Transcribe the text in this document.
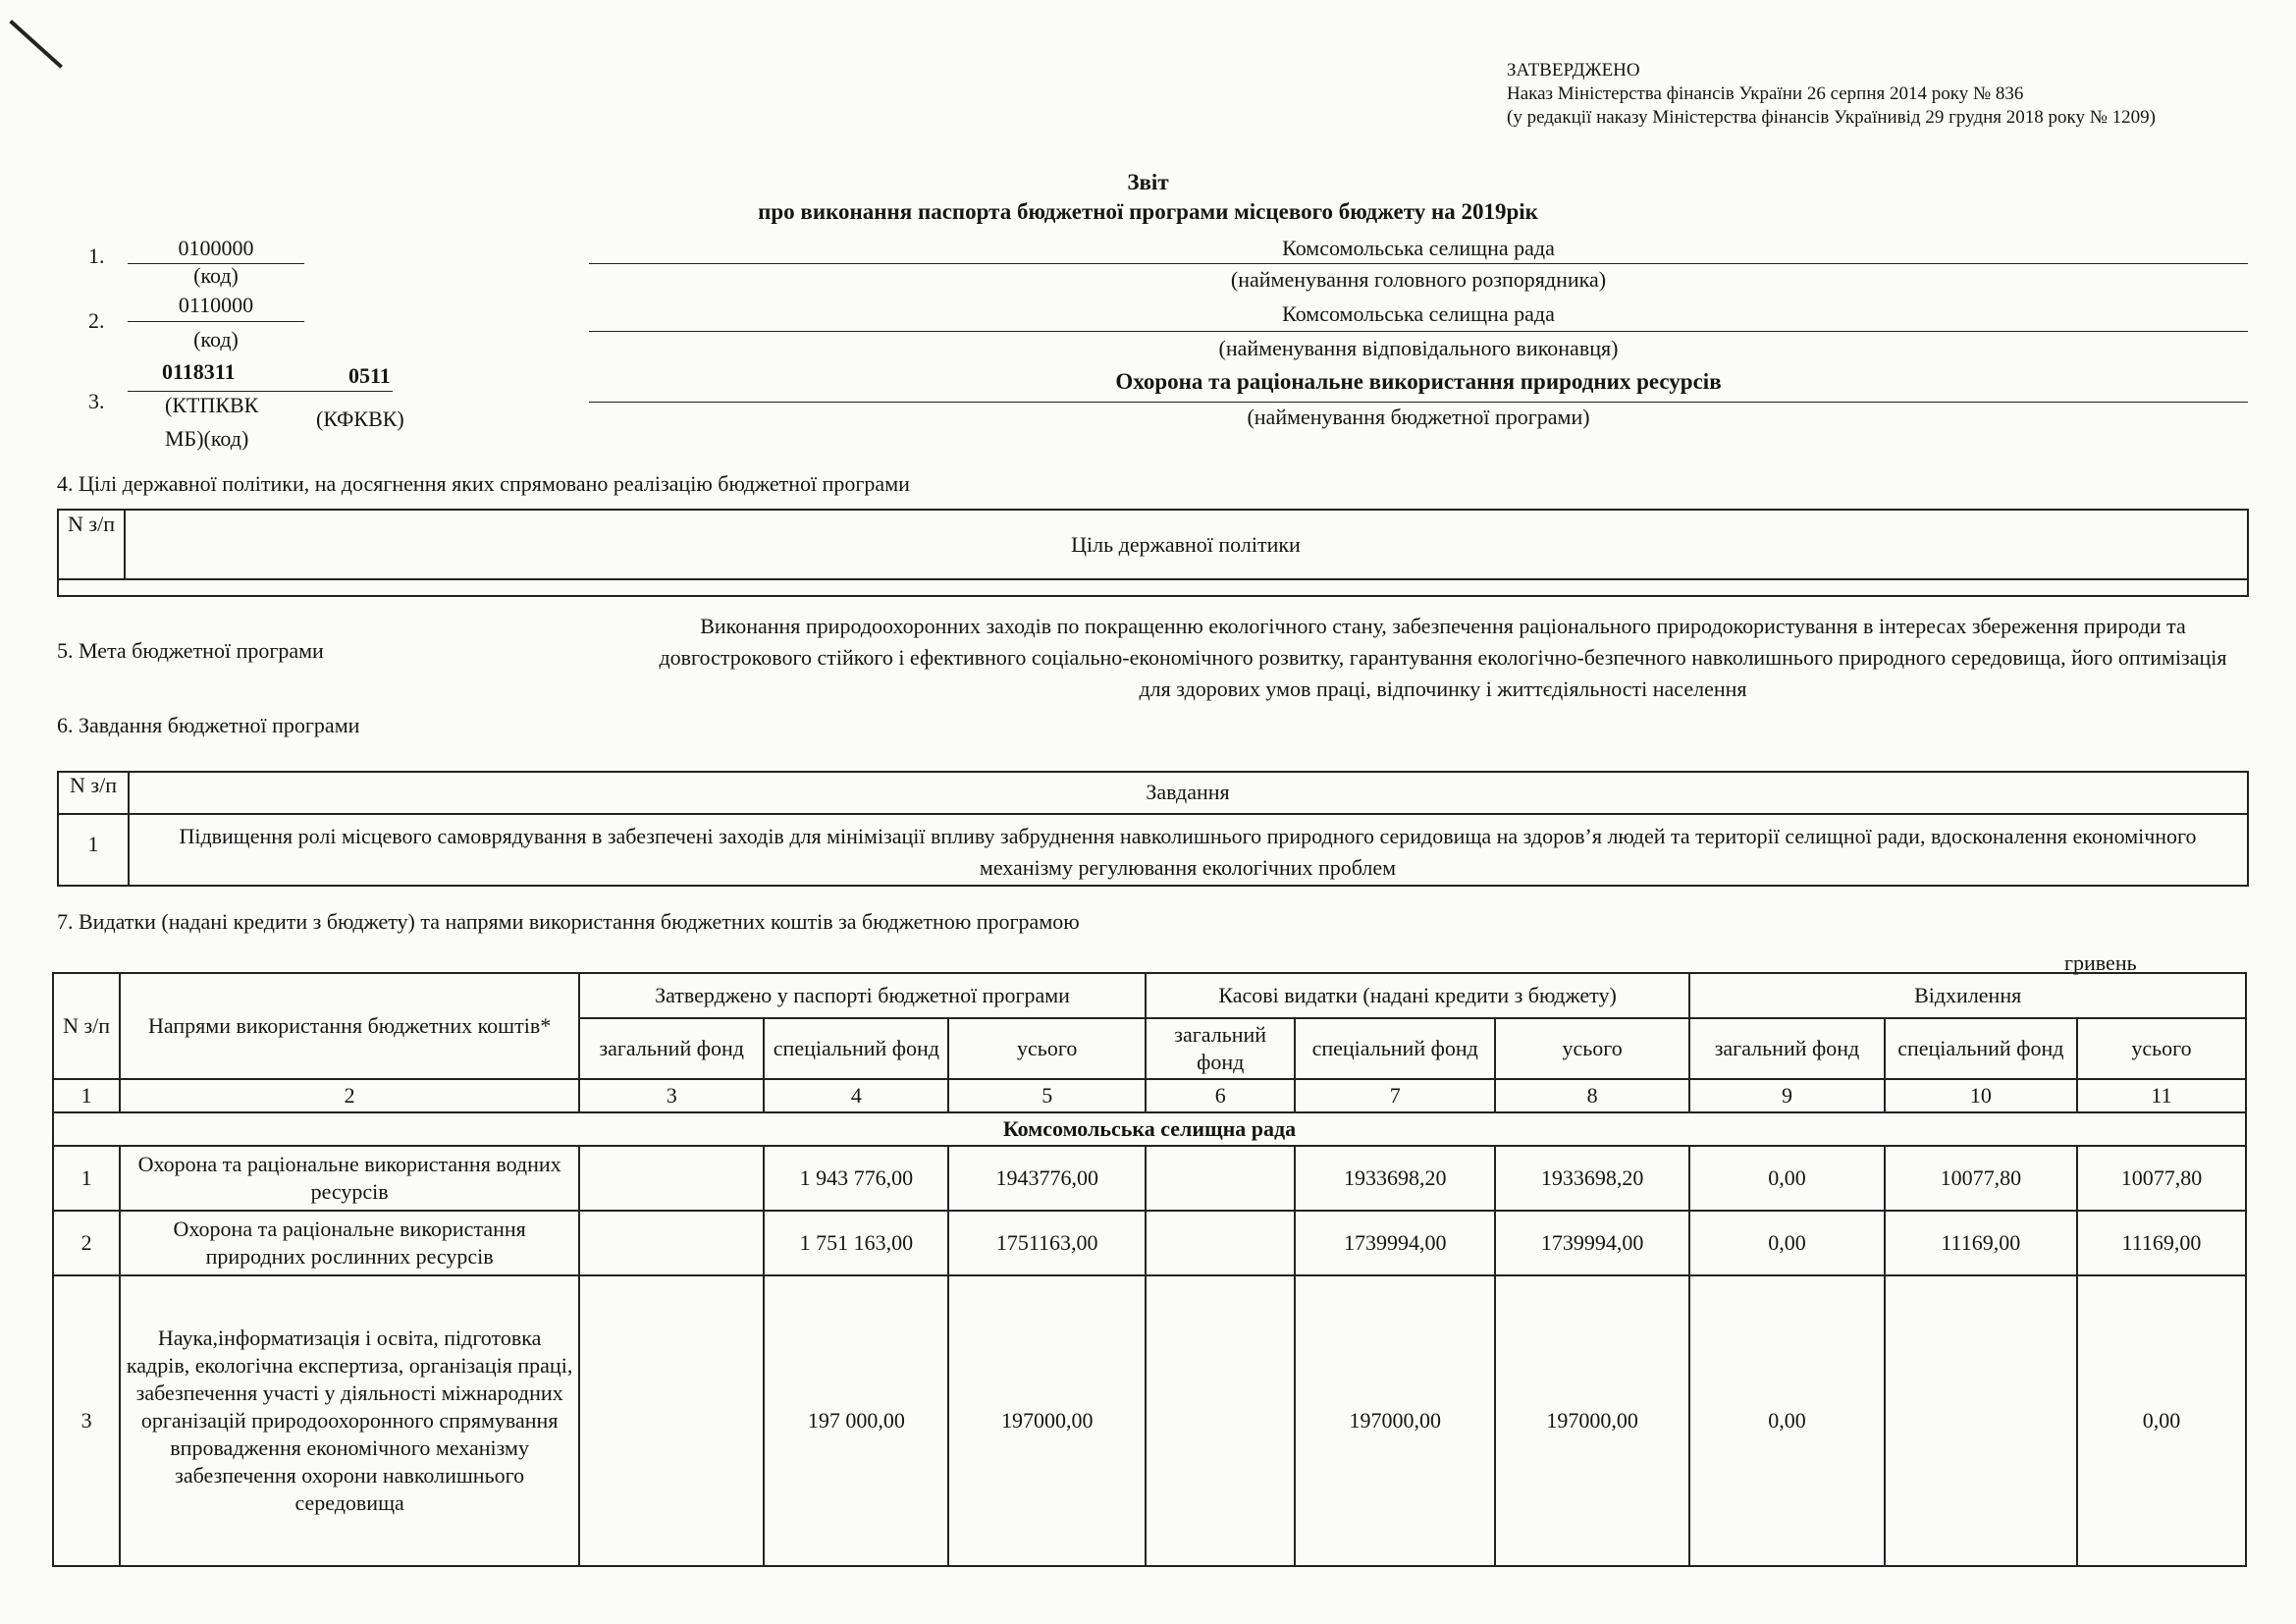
ЗАТВЕРДЖЕНО
Наказ Міністерства фінансів України 26 серпня 2014 року № 836
(у редакції наказу Міністерства фінансів Українивід 29 грудня 2018 року № 1209)
Звіт
про виконання паспорта бюджетної програми місцевого бюджету на 2019рік
1.	0100000
(код)
Комсомольська селищна рада
(найменування головного розпорядника)
2.
0110000
(код)
Комсомольська селищна рада
(найменування відповідального виконавця)
3.
0118311	0511
(КТПКВК МБ)(код)
(КФКВК)
Охорона та раціональне використання природних ресурсів
(найменування бюджетної програми)
4. Цілі державної політики, на досягнення яких спрямовано реалізацію бюджетної програми
N з/п
Ціль державної політики
5. Мета бюджетної програми
Виконання природоохоронних заходів по покращенню екологічного стану, забезпечення раціонального природокористування в інтересах збереження природи та довгострокового стійкого і ефективного соціально-економічного розвитку, гарантування екологічно-безпечного навколишнього природного середовища, його оптимізація для здорових умов праці, відпочинку і життєдіяльності населення
6. Завдання бюджетної програми
N з/п	Завдання
1	Підвищення ролі місцевого самоврядування в забезпечені заходів для мінімізації впливу забруднення навколишнього природного серидовища на здоров’я людей та території селищної ради, вдосконалення економічного механізму регулювання екологічних проблем
7. Видатки (надані кредити з бюджету) та напрями використання бюджетних коштів за бюджетною програмою
гривень
N з/п	Напрями використання бюджетних коштів*	Затверджено у паспорті бюджетної програми			Касові видатки (надані кредити з бюджету)			Відхилення		
		загальний фонд	спеціальний фонд	усього	загальний фонд	спеціальний фонд	усього	загальний фонд	спеціальний фонд	усього
1	2	3	4	5	6	7	8	9	10	11
Комсомольська селищна рада										
1	Охорона та раціональне використання водних ресурсів		1 943 776,00	1943776,00		1933698,20	1933698,20	0,00	10077,80	10077,80
2	Охорона та раціональне використання природних рослинних ресурсів		1 751 163,00	1751163,00		1739994,00	1739994,00	0,00	11169,00	11169,00
3	Наука,інформатизація і освіта, підготовка кадрів, екологічна експертиза, організація праці, забезпечення участі у діяльності міжнародних організацій природоохоронного спрямування впровадження економічного механізму забезпечення охорони навколишнього середовища		197 000,00	197000,00		197000,00	197000,00	0,00		0,00
